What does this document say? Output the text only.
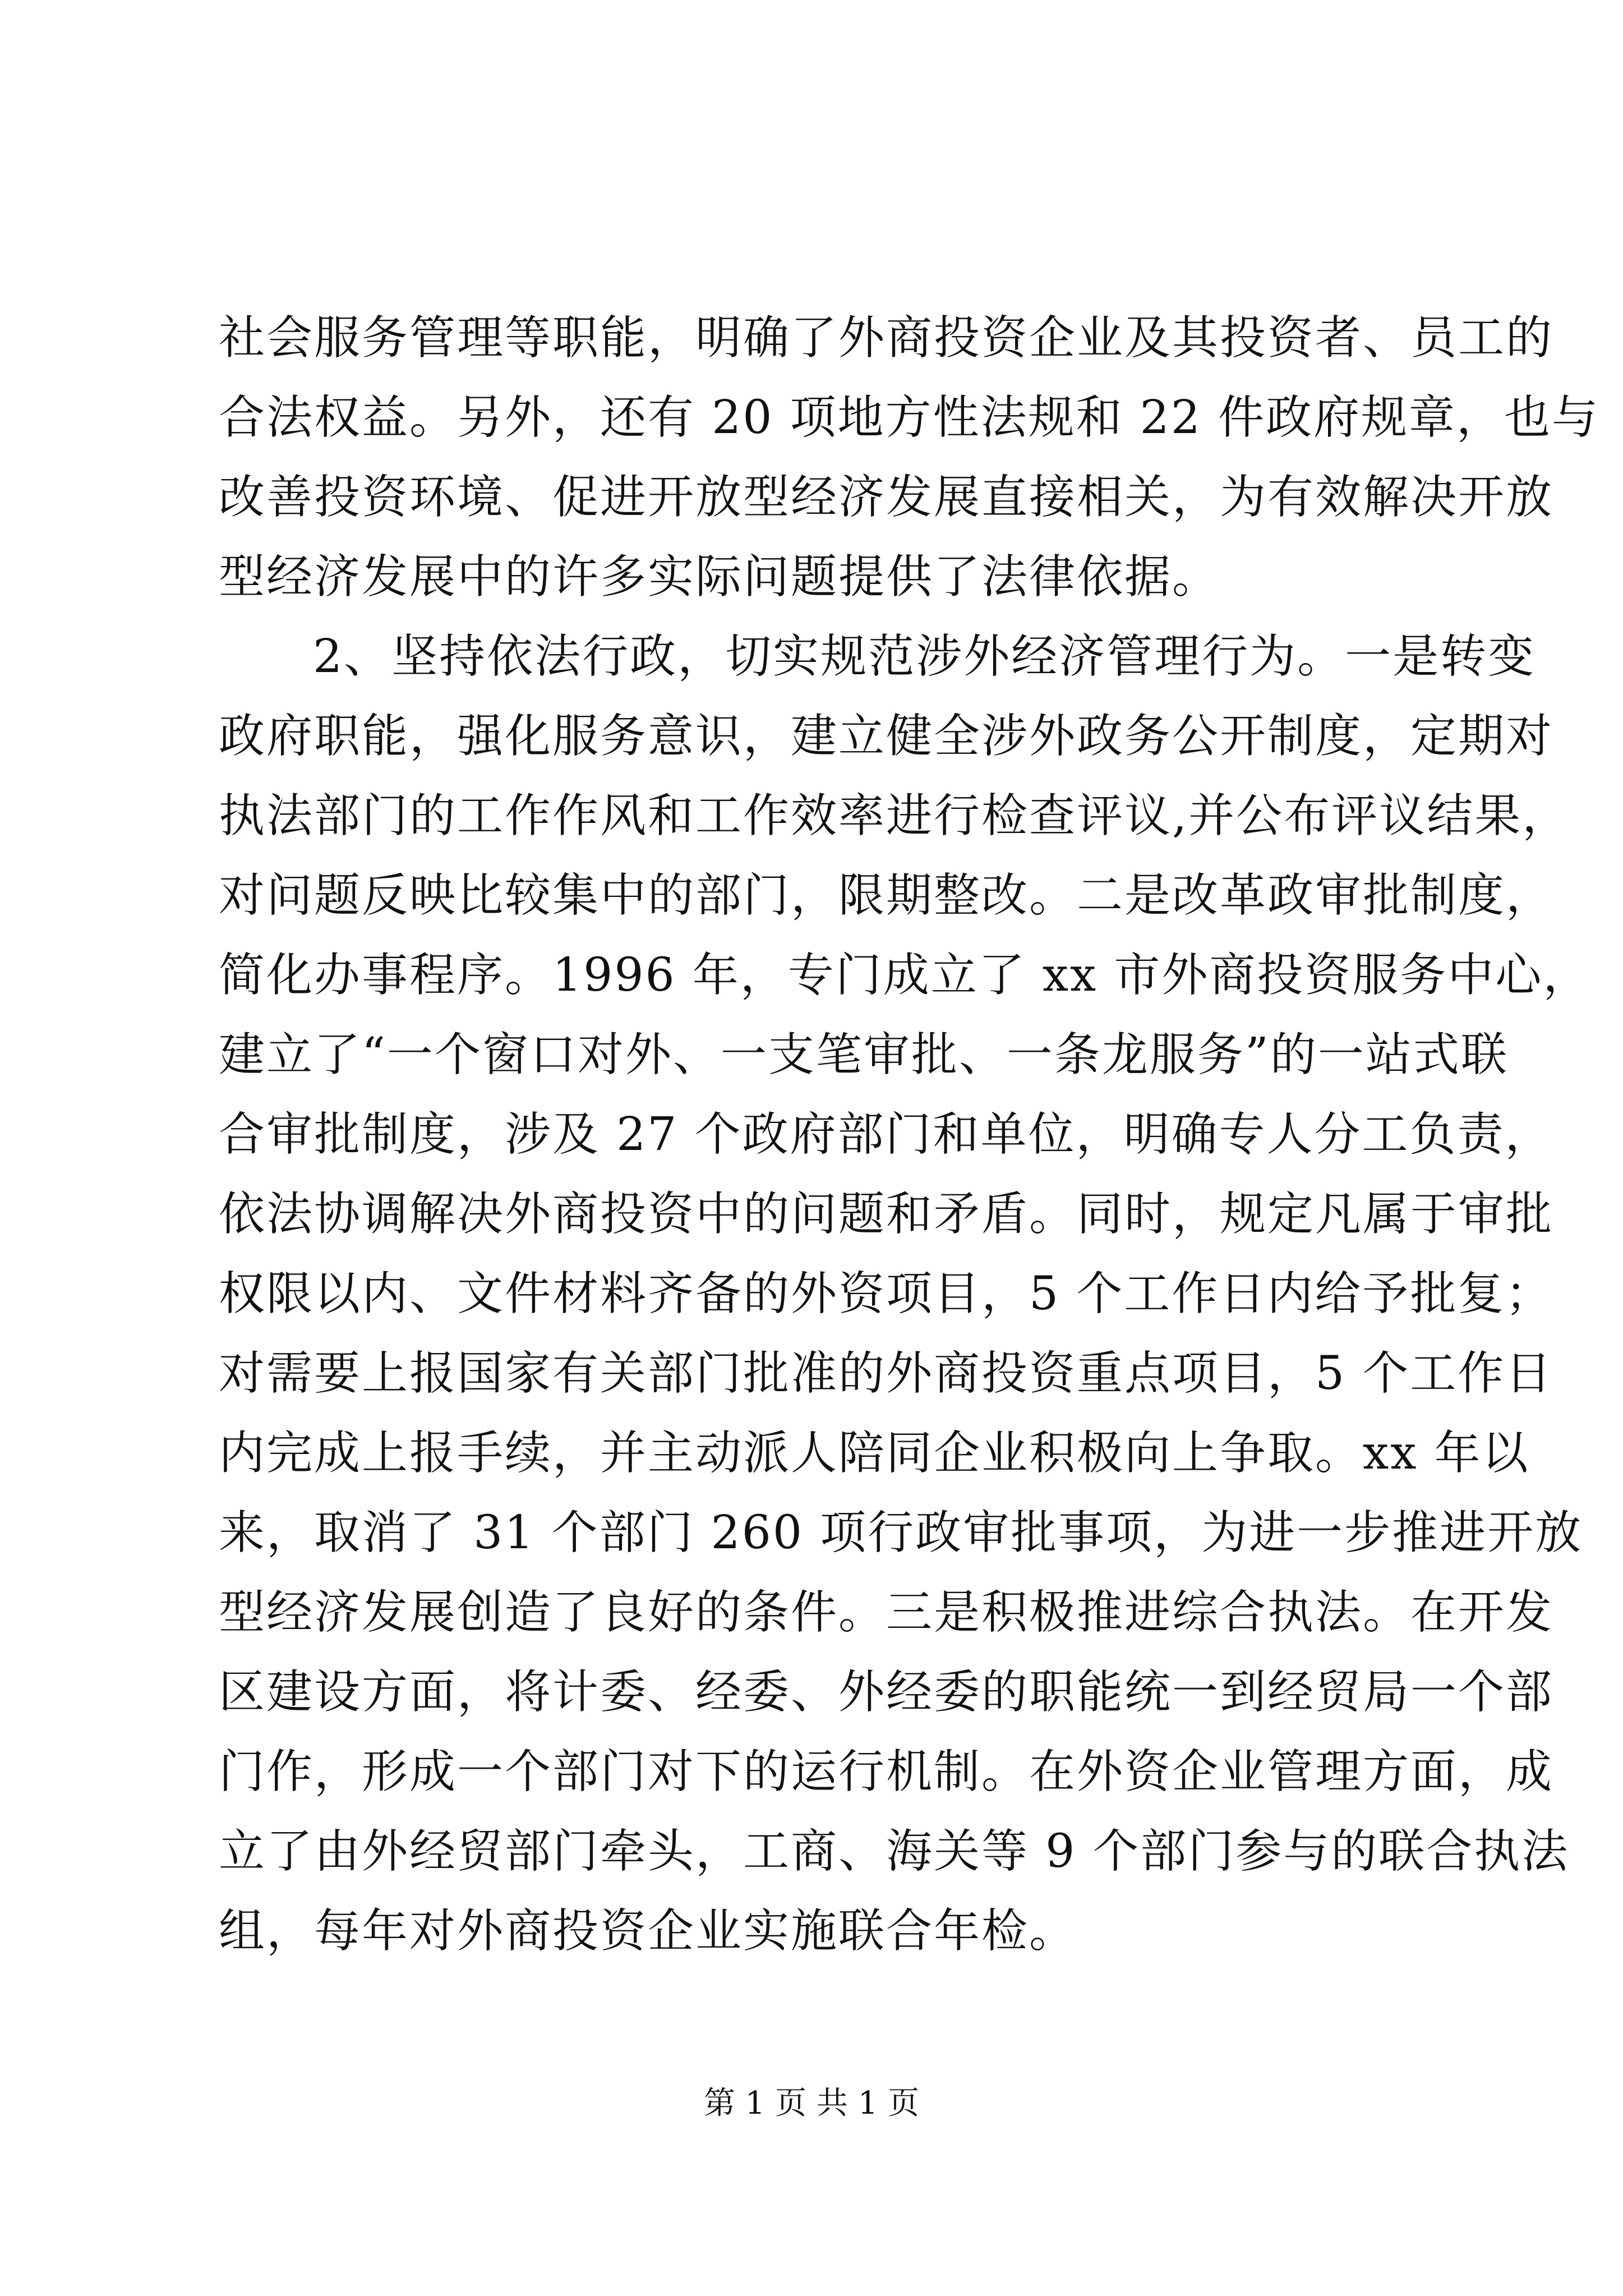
社会服务管理等职能，明确了外商投资企业及其投资者、员工的
合法权益。另外，还有 20 项地方性法规和 22 件政府规章，也与
改善投资环境、促进开放型经济发展直接相关，为有效解决开放
型经济发展中的许多实际问题提供了法律依据。
2、坚持依法行政，切实规范涉外经济管理行为。一是转变
政府职能，强化服务意识，建立健全涉外政务公开制度，定期对
执法部门的工作作风和工作效率进行检查评议,并公布评议结果，
对问题反映比较集中的部门，限期整改。二是改革政审批制度，
简化办事程序。1996 年，专门成立了 xx 市外商投资服务中心，
建立了“一个窗口对外、一支笔审批、一条龙服务”的一站式联
合审批制度，涉及 27 个政府部门和单位，明确专人分工负责，
依法协调解决外商投资中的问题和矛盾。同时，规定凡属于审批
权限以内、文件材料齐备的外资项目，5 个工作日内给予批复；
对需要上报国家有关部门批准的外商投资重点项目，5 个工作日
内完成上报手续，并主动派人陪同企业积极向上争取。xx 年以
来，取消了 31 个部门 260 项行政审批事项，为进一步推进开放
型经济发展创造了良好的条件。三是积极推进综合执法。在开发
区建设方面，将计委、经委、外经委的职能统一到经贸局一个部
门作，形成一个部门对下的运行机制。在外资企业管理方面，成
立了由外经贸部门牵头，工商、海关等 9 个部门参与的联合执法
组，每年对外商投资企业实施联合年检。
第 1 页 共 1 页
